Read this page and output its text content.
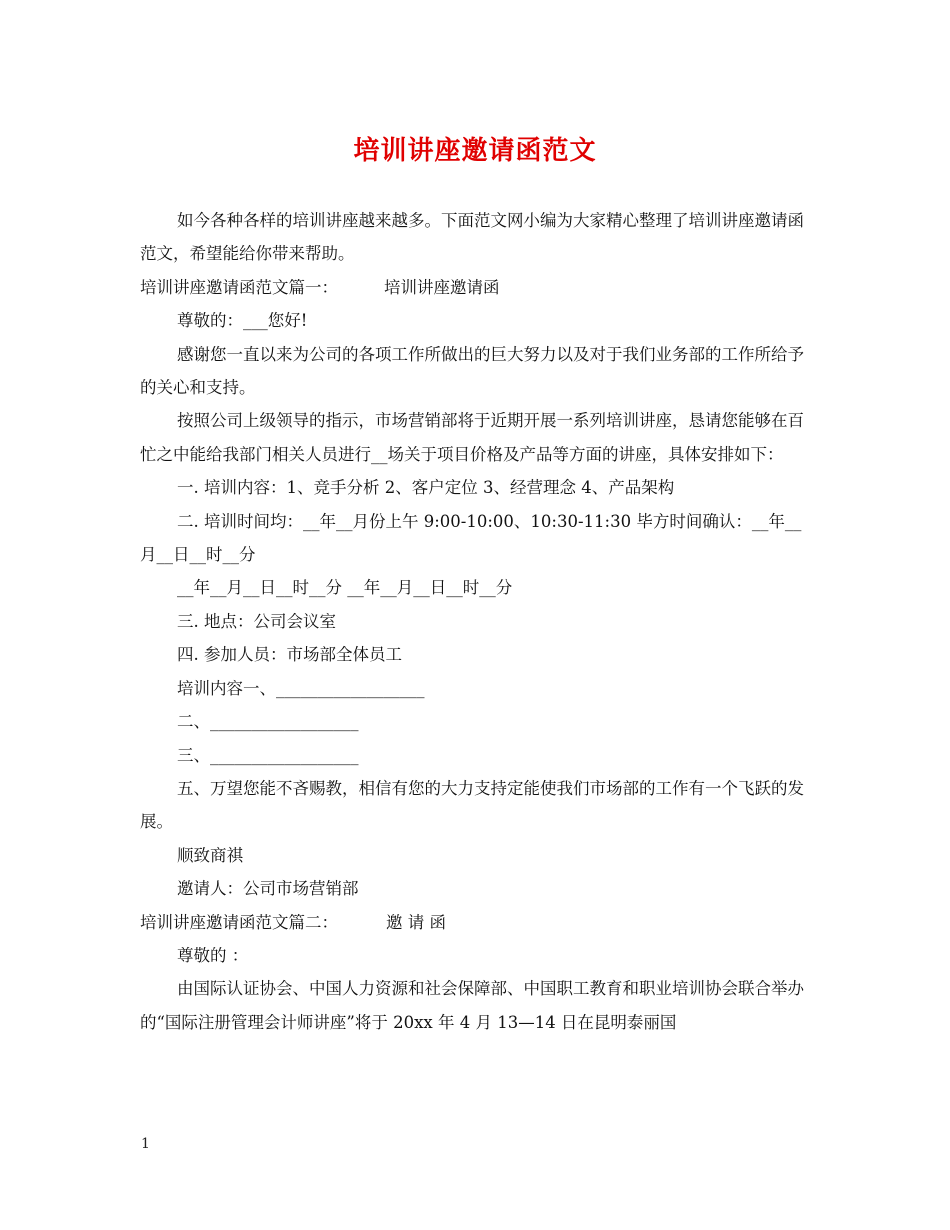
培训讲座邀请函范文

如今各种各样的培训讲座越来越多。下面范文网小编为大家精心整理了培训讲座邀请函范文，希望能给你带来帮助。

培训讲座邀请函范文篇一：	培训讲座邀请函

尊敬的：___您好!

感谢您一直以来为公司的各项工作所做出的巨大努力以及对于我们业务部的工作所给予的关心和支持。

按照公司上级领导的指示，市场营销部将于近期开展一系列培训讲座，恳请您能够在百忙之中能给我部门相关人员进行__场关于项目价格及产品等方面的讲座，具体安排如下：

一. 培训内容：1、竞手分析 2、客户定位 3、经营理念 4、产品架构

二. 培训时间均：__年__月份上午 9:00-10:00、10:30-11:30 毕方时间确认：__年__月__日__时__分

__年__月__日__时__分 __年__月__日__时__分

三. 地点：公司会议室

四. 参加人员：市场部全体员工

培训内容一、__________________

二、__________________

三、__________________

五、万望您能不吝赐教，相信有您的大力支持定能使我们市场部的工作有一个飞跃的发展。

顺致商祺

邀请人：公司市场营销部

培训讲座邀请函范文篇二：	邀 请 函

尊敬的 ：

由国际认证协会、中国人力资源和社会保障部、中国职工教育和职业培训协会联合举办的“国际注册管理会计师讲座”将于 20xx 年 4 月 13—14 日在昆明泰丽国

1
